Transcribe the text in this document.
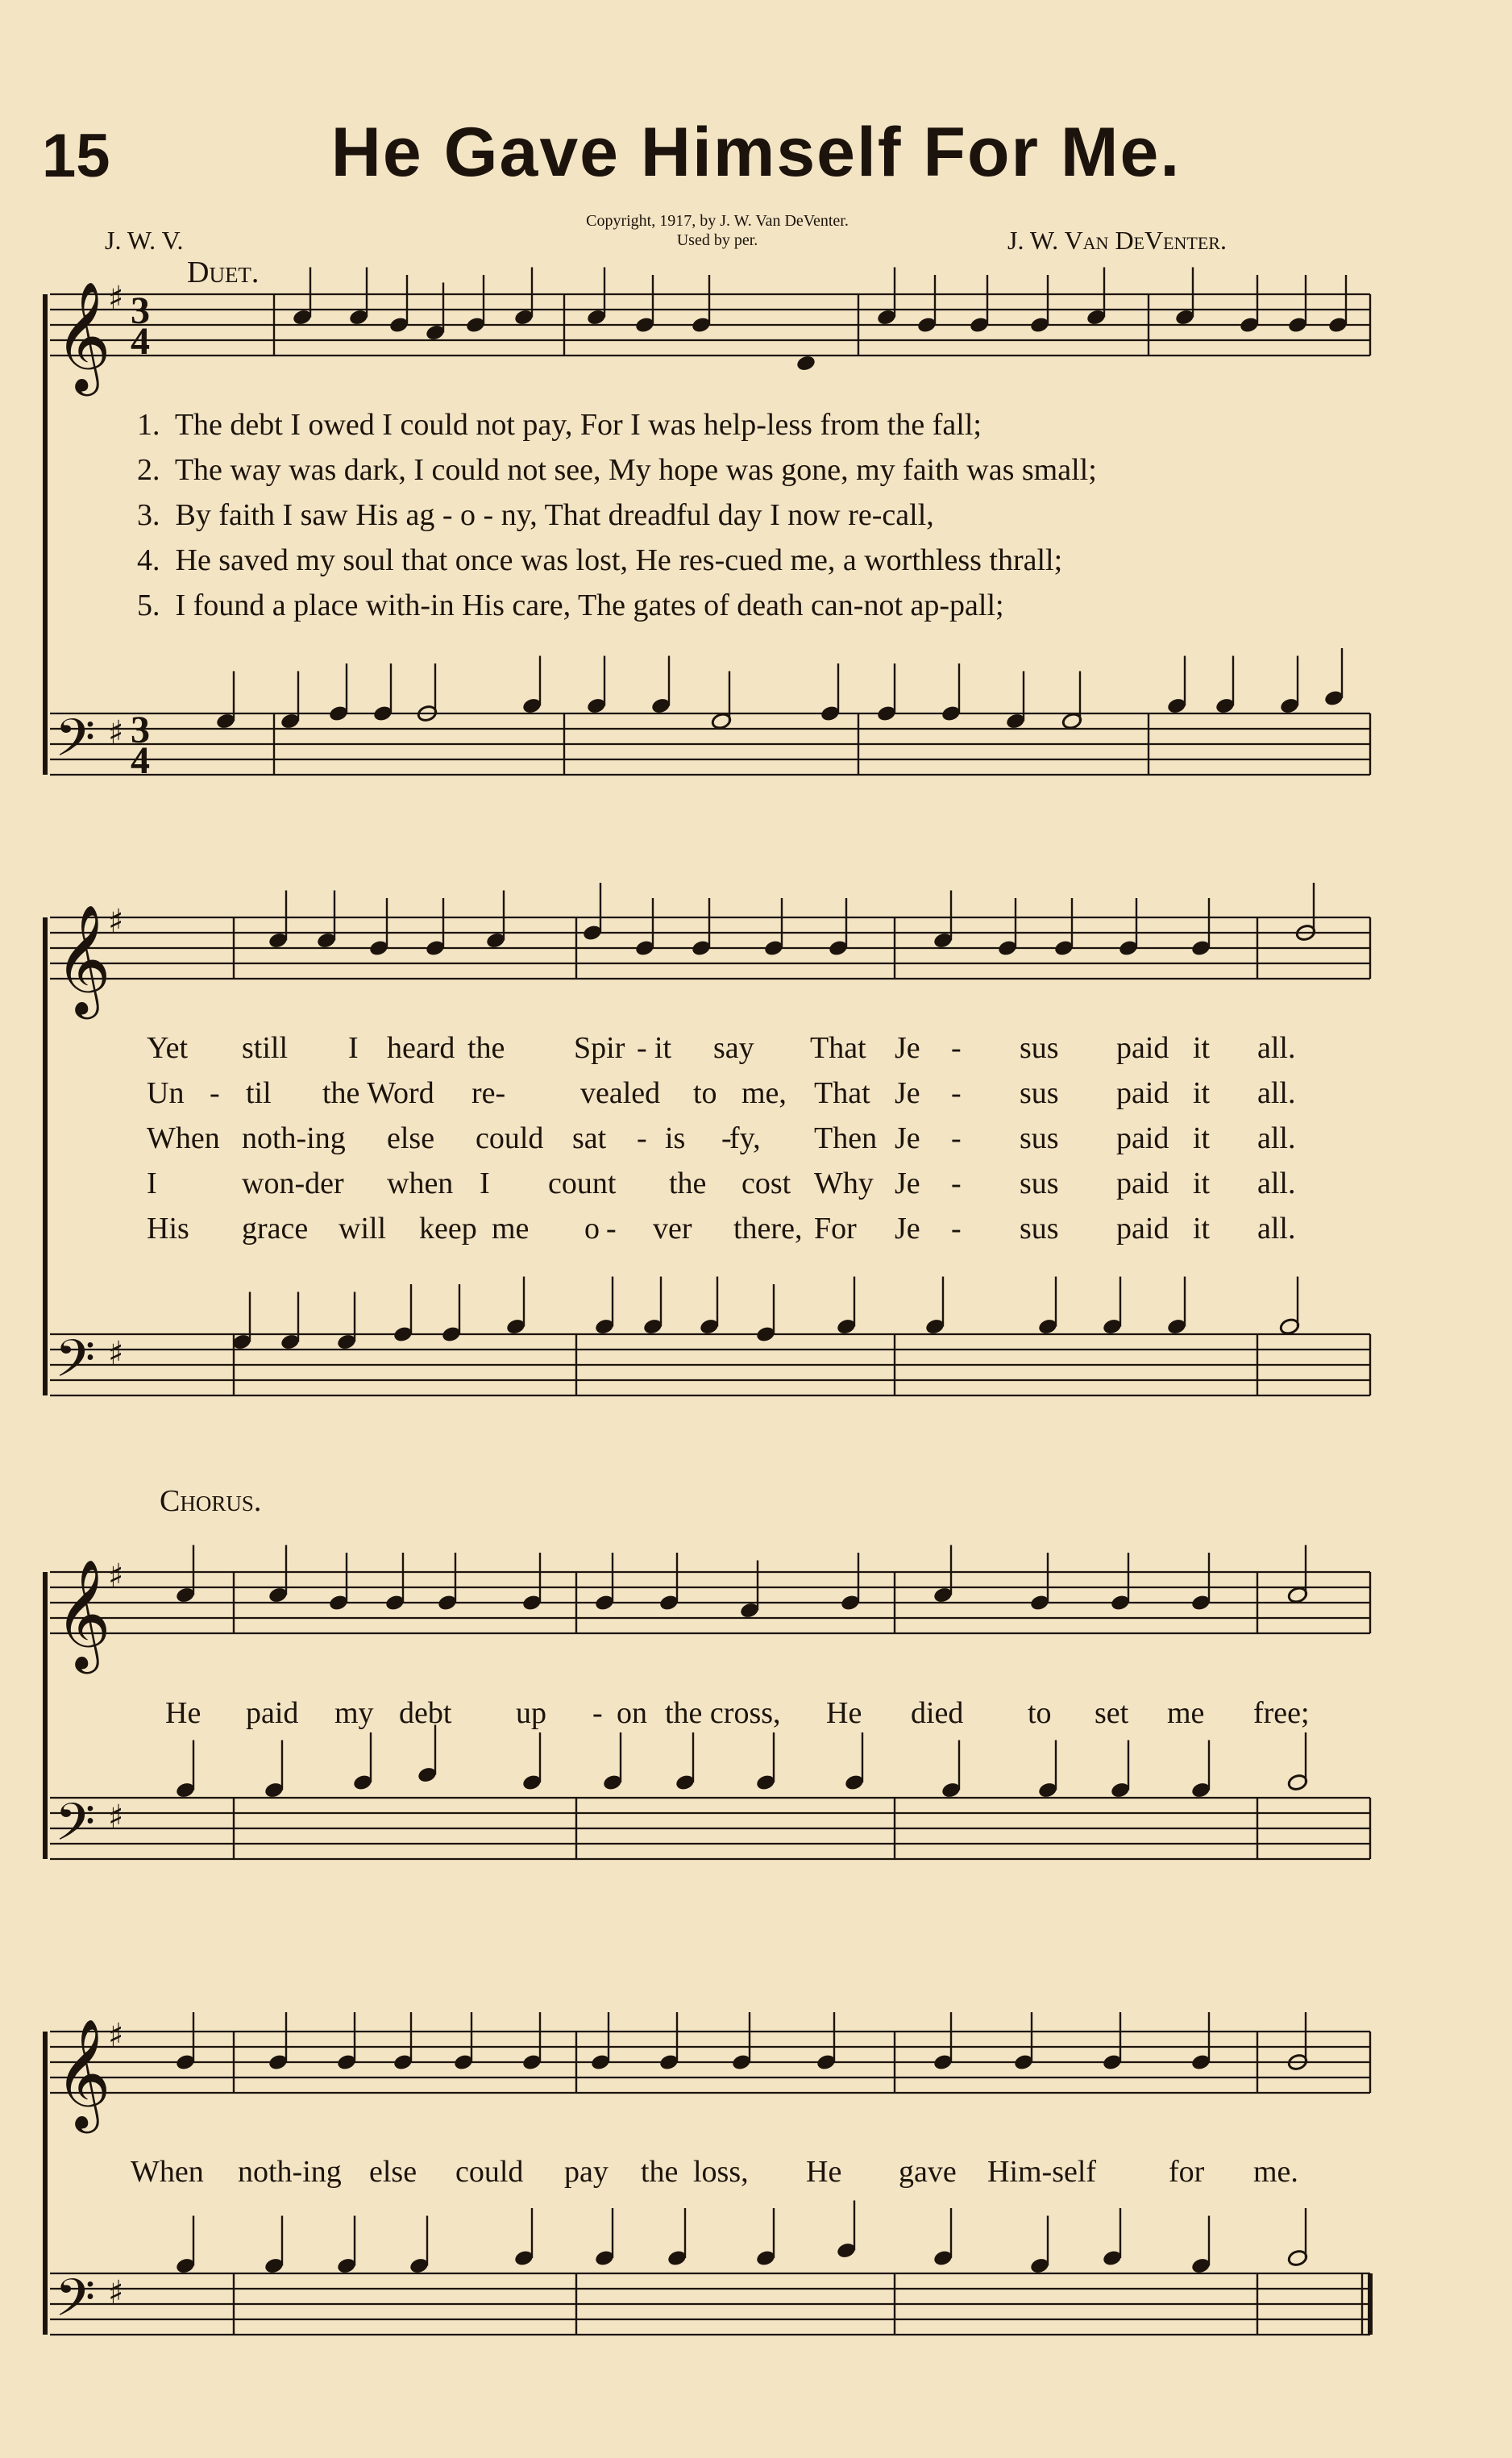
15	He Gave Himself For Me.
Copyright, 1917, by J. W. Van DeVenter.
Used by per.
J. W. V.	J. W. Van DeVenter.
Duet.
Chorus.
𝄞
♯ 3
4
𝄢 ♯ 3
4
𝄞
♯
𝄢 ♯
𝄞
♯
𝄢 ♯
𝄞
♯
𝄢 ♯
1. The debt I owed I could not pay, For I was help-less from the fall;
2. The way was dark, I could not see, My hope was gone, my faith was small;
3. By faith I saw His ag - o - ny, That dreadful day I now re-call,
4. He saved my soul that once was lost, He res-cued me, a worthless thrall;
5. I found a place with-in His care, The gates of death can-not ap-pall;
Yet still I heard the Spir - it say That Je - sus paid it all.
Un - til the Word re- vealed to me, That Je - sus paid it all.
When noth-ing else could sat - is -
fy, Then Je - sus paid it all.
I	won-der when I count the cost Why Je - sus paid it all.
His grace will keep me o - ver there, For Je - sus paid it all.
He paid my debt up - on the cross, He died to set me free;
When noth-ing else could pay the loss, He gave Him-self for me.
